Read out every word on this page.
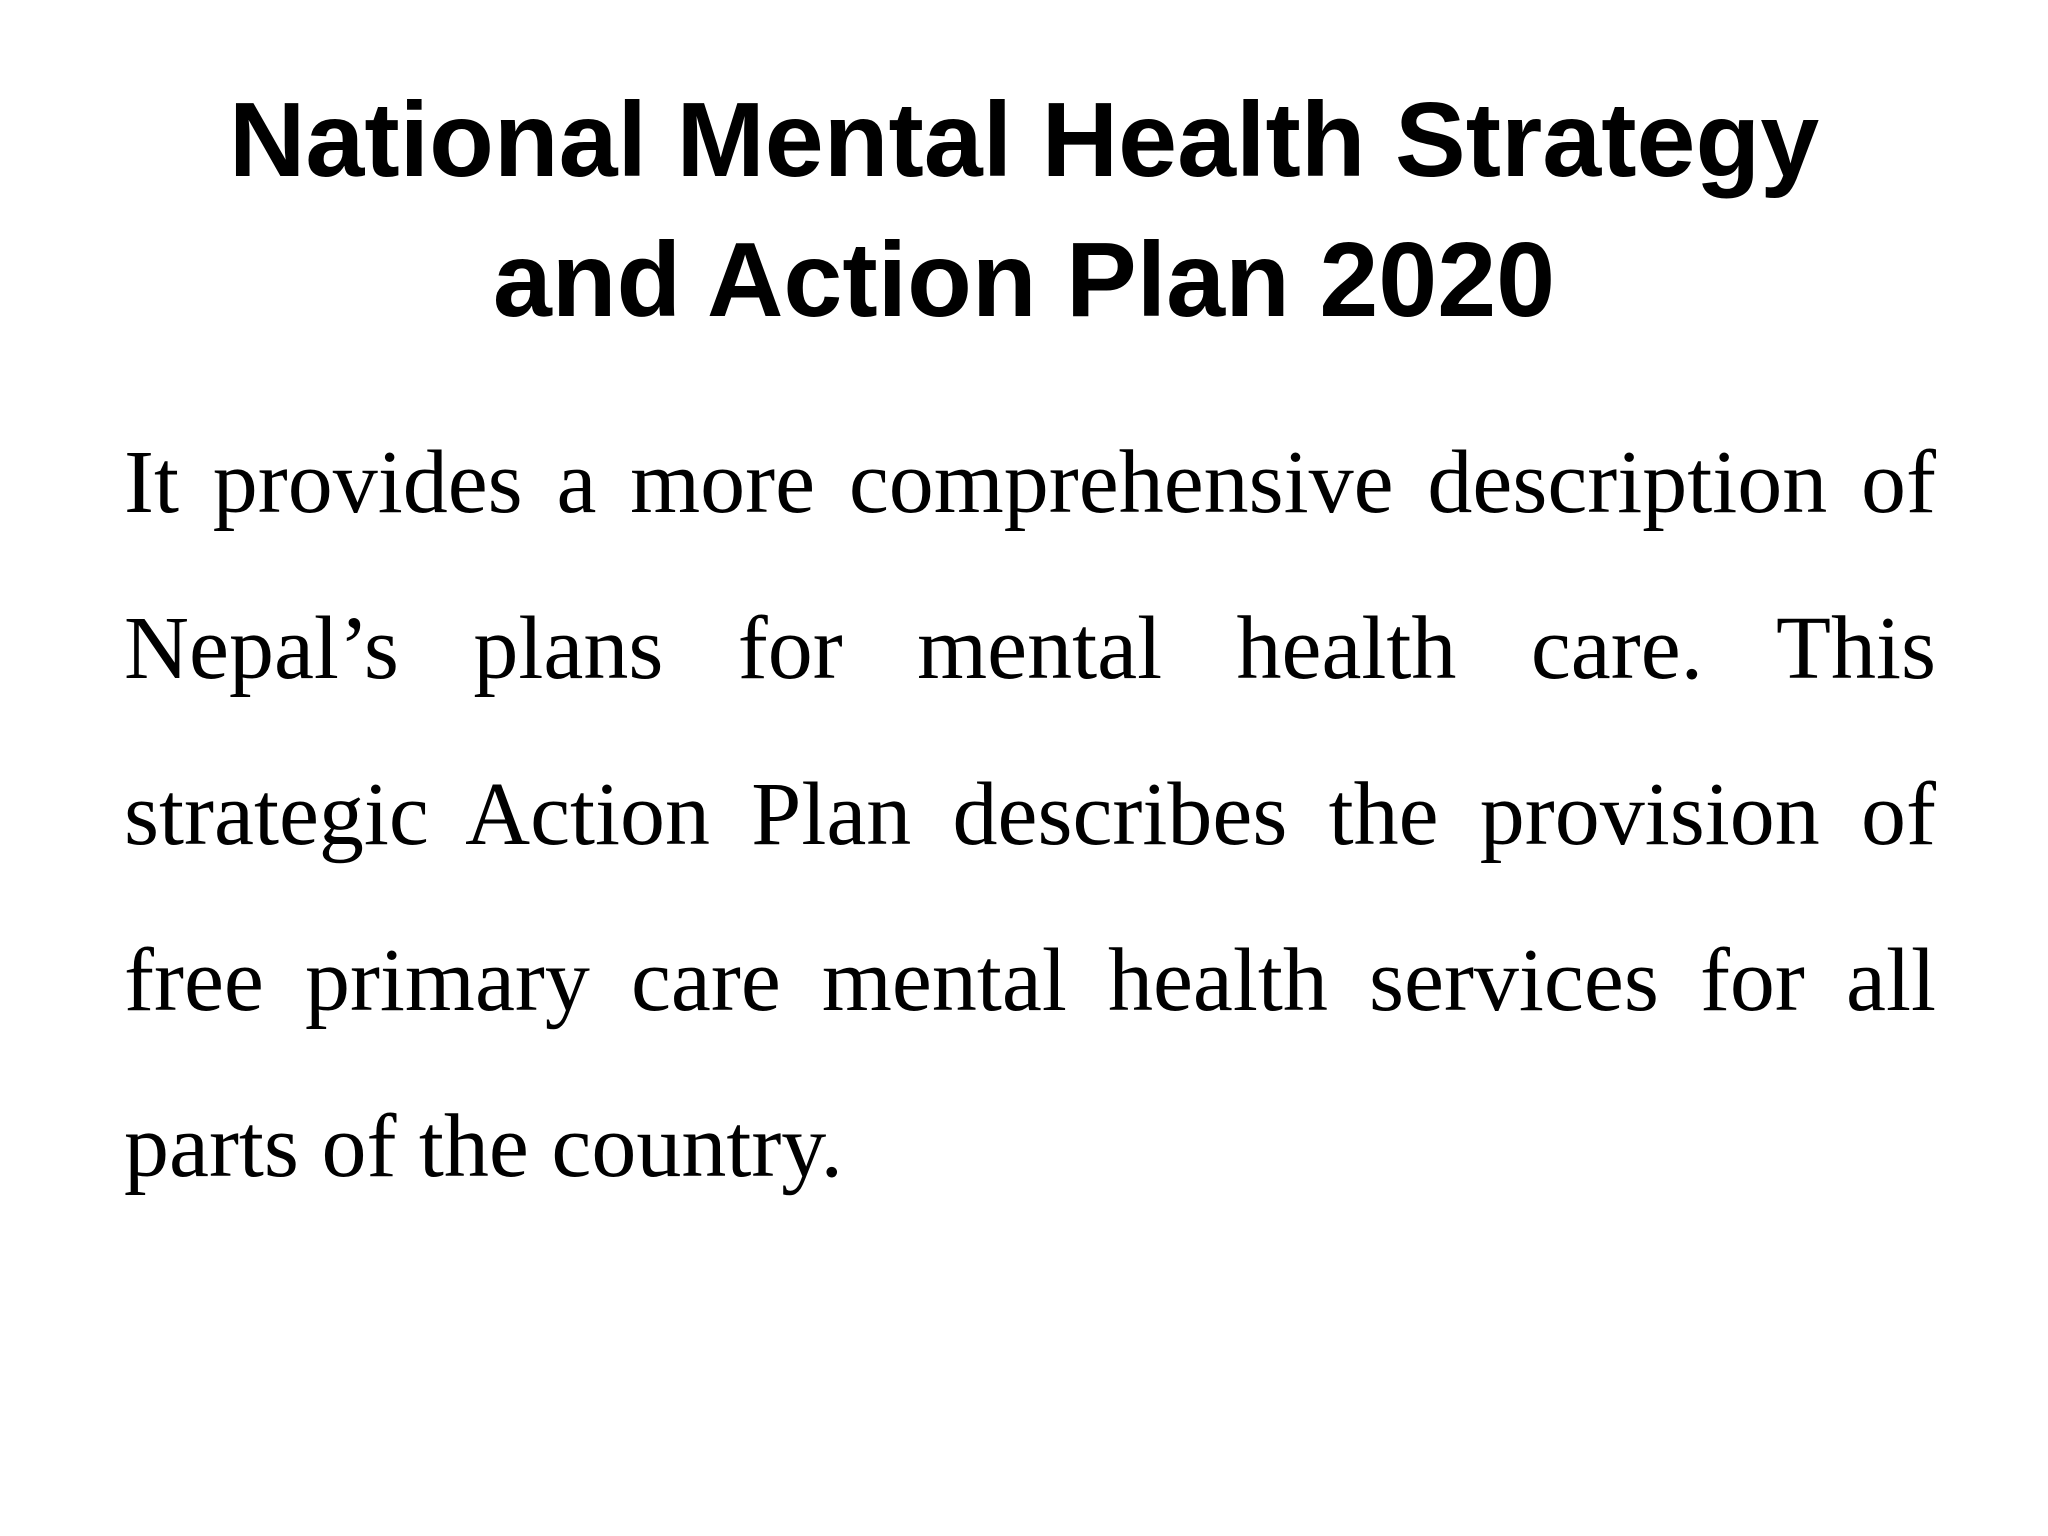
National Mental Health Strategy
and Action Plan 2020
It provides a more comprehensive description of
Nepal’s plans for mental health care. This
strategic Action Plan describes the provision of
free primary care mental health services for all
parts of the country.
